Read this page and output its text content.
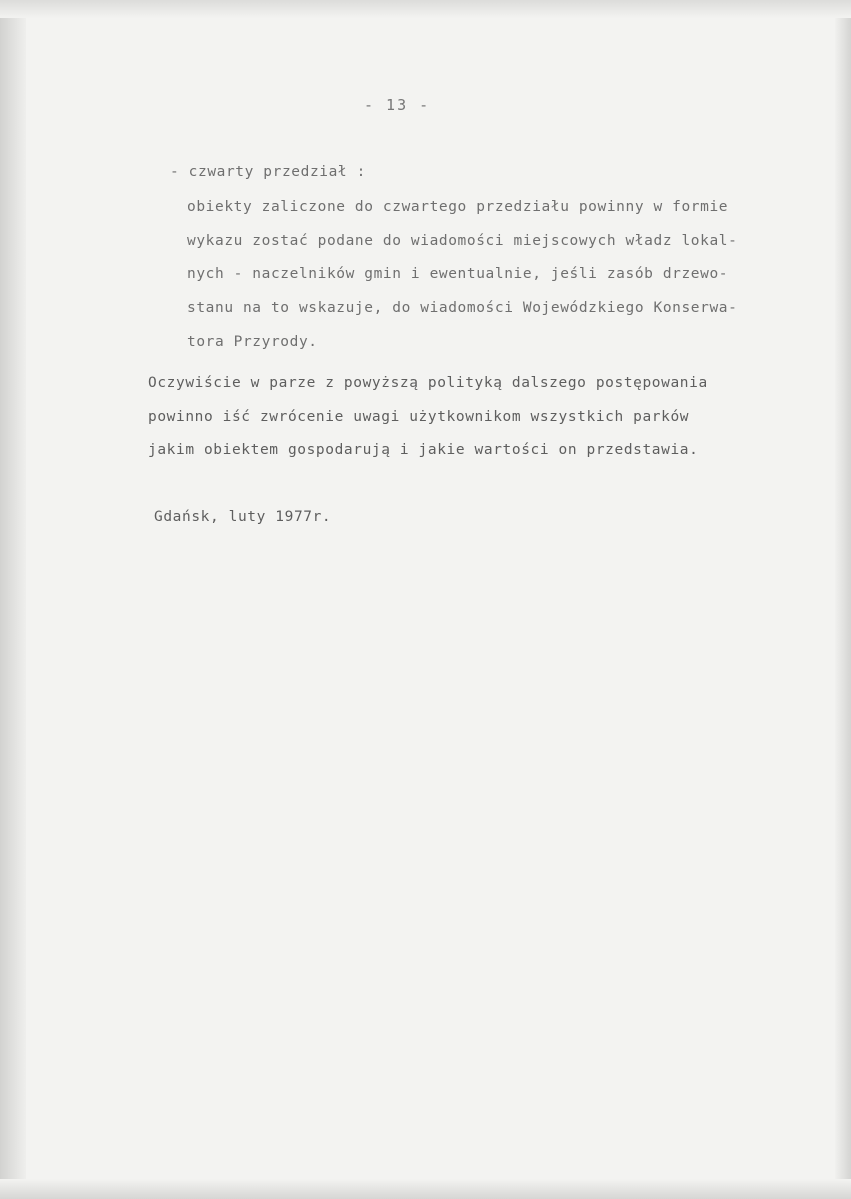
- 13 -
- czwarty przedział :
obiekty zaliczone do czwartego przedziału powinny w formie
wykazu zostać podane do wiadomości miejscowych władz lokal-
nych - naczelników gmin i ewentualnie, jeśli zasób drzewo-
stanu na to wskazuje, do wiadomości Wojewódzkiego Konserwa-
tora Przyrody.
Oczywiście w parze z powyższą polityką dalszego postępowania
powinno iść zwrócenie uwagi użytkownikom wszystkich parków
jakim obiektem gospodarują i jakie wartości on przedstawia.
Gdańsk, luty 1977r.
